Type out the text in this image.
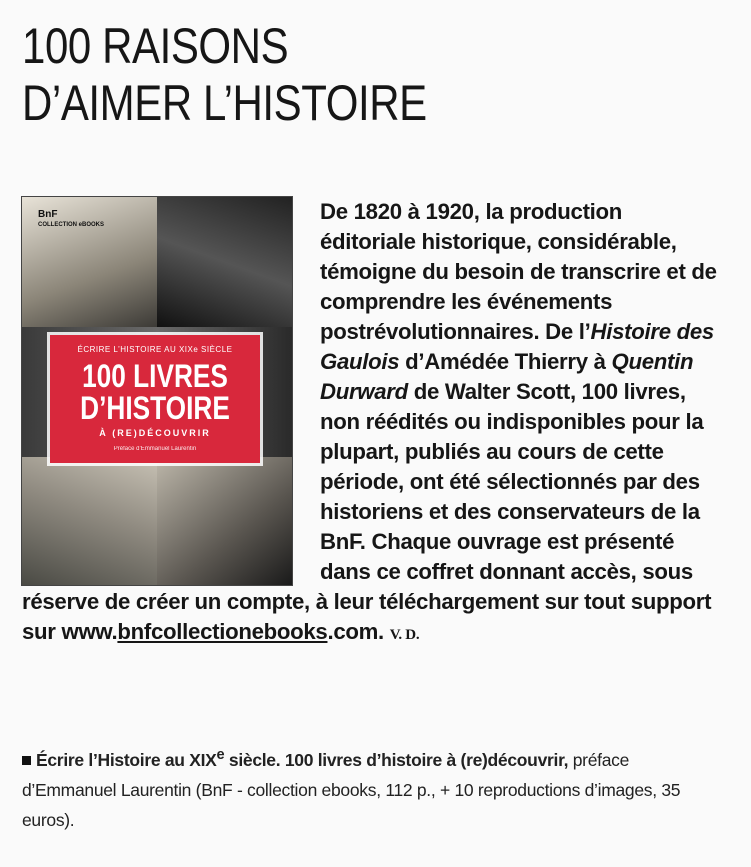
100 RAISONS
D’AIMER L’HISTOIRE
BnF
COLLECTION eBOOKS
ÉCRIRE L’HISTOIRE AU XIXe SIÈCLE
100 LIVRES
D’HISTOIRE
À (RE)DÉCOUVRIR
Préface d’Emmanuel Laurentin
De 1820 à 1920, la production éditoriale historique, considérable, témoigne du besoin de transcrire et de comprendre les événements postrévolutionnaires. De l’Histoire des Gaulois d’Amédée Thierry à Quentin Durward de Walter Scott, 100 livres, non réédités ou indisponibles pour la plupart, publiés au cours de cette période, ont été sélectionnés par des historiens et des conservateurs de la BnF. Chaque ouvrage est présenté dans ce coffret donnant accès, sous réserve de créer un compte, à leur téléchargement sur tout support sur www.bnfcollectionebooks.com. V. D.
Écrire l’Histoire au XIXe siècle. 100 livres d’histoire à (re)découvrir, préface d’Emmanuel Laurentin (BnF - collection ebooks, 112 p., + 10 reproductions d’images, 35 euros).
